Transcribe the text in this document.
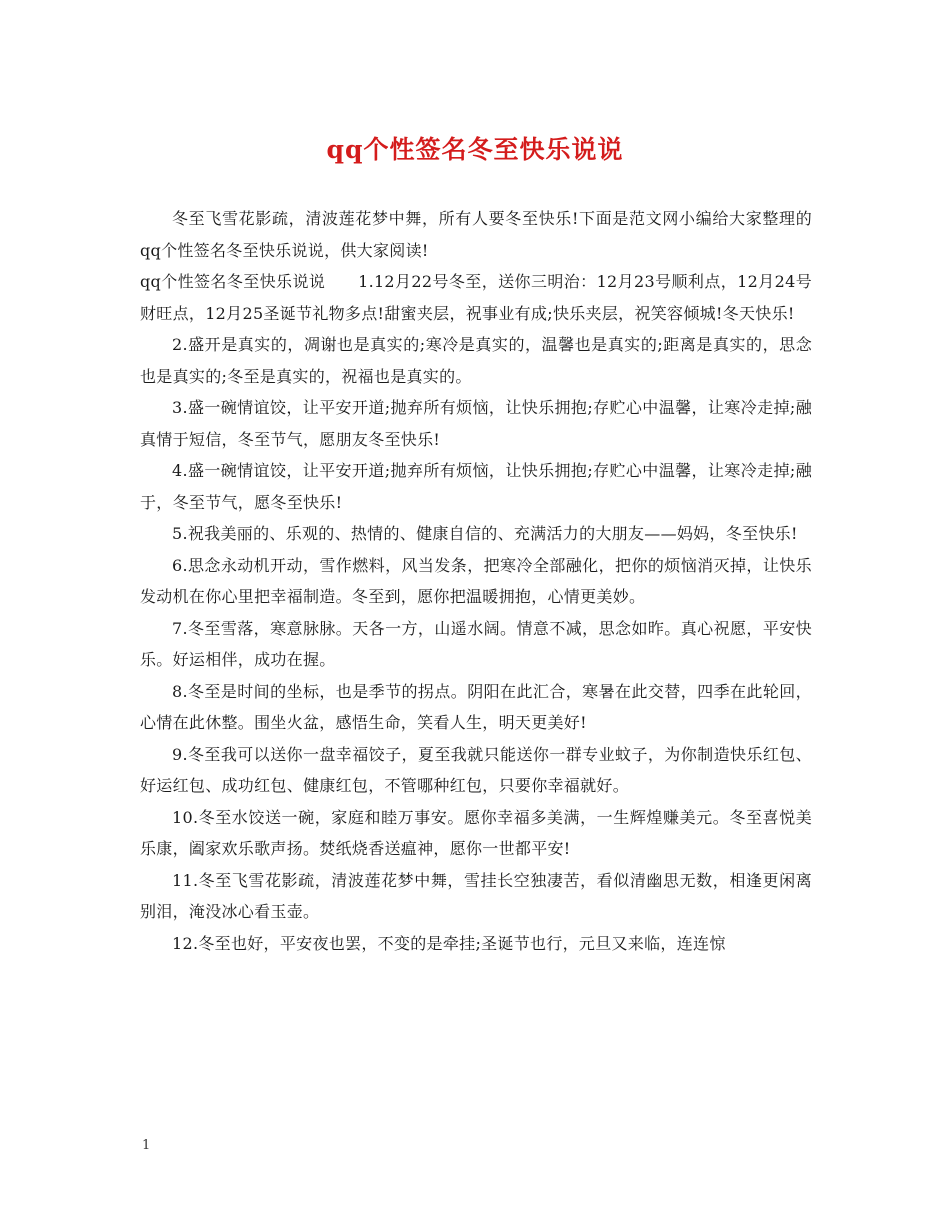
qq个性签名冬至快乐说说

冬至飞雪花影疏，清波莲花梦中舞，所有人要冬至快乐!下面是范文网小编给大家整理的qq个性签名冬至快乐说说，供大家阅读!

qq个性签名冬至快乐说说　　1.12月22号冬至，送你三明治：12月23号顺利点，12月24号财旺点，12月25圣诞节礼物多点!甜蜜夹层，祝事业有成;快乐夹层，祝笑容倾城!冬天快乐!

2.盛开是真实的，凋谢也是真实的;寒冷是真实的，温馨也是真实的;距离是真实的，思念也是真实的;冬至是真实的，祝福也是真实的。

3.盛一碗情谊饺，让平安开道;抛弃所有烦恼，让快乐拥抱;存贮心中温馨，让寒冷走掉;融真情于短信，冬至节气，愿朋友冬至快乐!

4.盛一碗情谊饺，让平安开道;抛弃所有烦恼，让快乐拥抱;存贮心中温馨，让寒冷走掉;融于，冬至节气，愿冬至快乐!

5.祝我美丽的、乐观的、热情的、健康自信的、充满活力的大朋友——妈妈，冬至快乐!

6.思念永动机开动，雪作燃料，风当发条，把寒冷全部融化，把你的烦恼消灭掉，让快乐发动机在你心里把幸福制造。冬至到，愿你把温暖拥抱，心情更美妙。

7.冬至雪落，寒意脉脉。天各一方，山遥水阔。情意不减，思念如昨。真心祝愿，平安快乐。好运相伴，成功在握。

8.冬至是时间的坐标，也是季节的拐点。阴阳在此汇合，寒暑在此交替，四季在此轮回，心情在此休整。围坐火盆，感悟生命，笑看人生，明天更美好!

9.冬至我可以送你一盘幸福饺子，夏至我就只能送你一群专业蚊子，为你制造快乐红包、好运红包、成功红包、健康红包，不管哪种红包，只要你幸福就好。

10.冬至水饺送一碗，家庭和睦万事安。愿你幸福多美满，一生辉煌赚美元。冬至喜悦美乐康，阖家欢乐歌声扬。焚纸烧香送瘟神，愿你一世都平安!

11.冬至飞雪花影疏，清波莲花梦中舞，雪挂长空独凄苦，看似清幽思无数，相逢更闲离别泪，淹没冰心看玉壶。

12.冬至也好，平安夜也罢，不变的是牵挂;圣诞节也行，元旦又来临，连连惊

1
